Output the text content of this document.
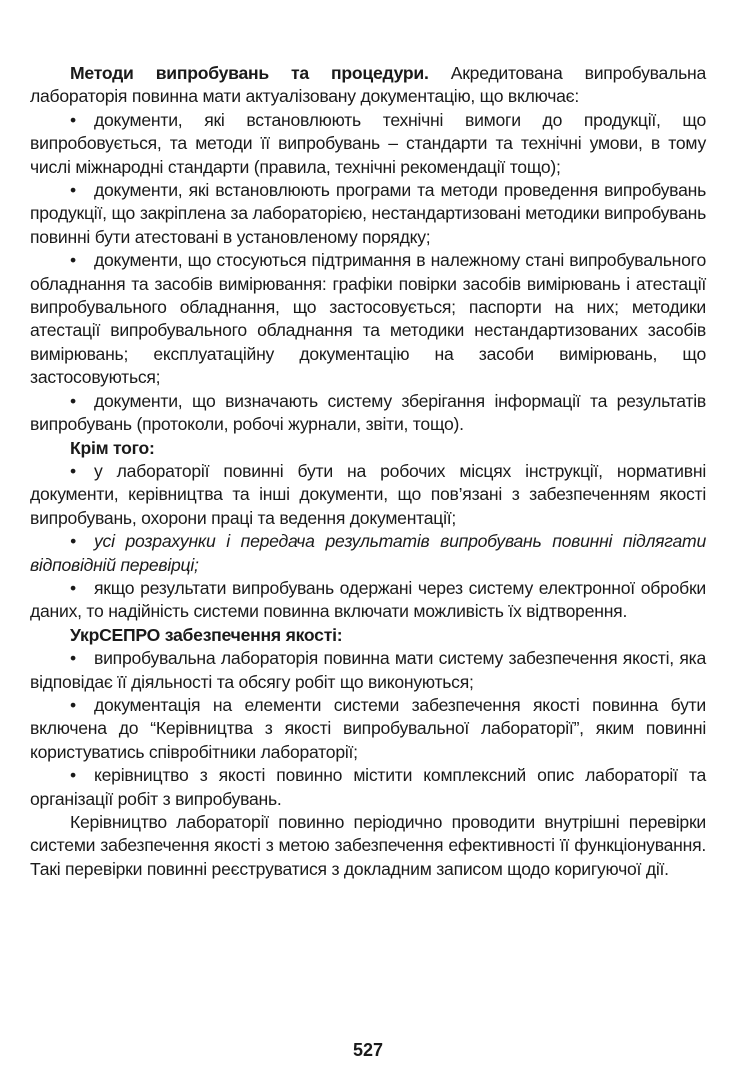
Методи випробувань та процедури. Акредитована випробувальна лабораторія повинна мати актуалізовану документацію, що включає:

• документи, які встановлюють технічні вимоги до продукції, що випробовується, та методи її випробувань – стандарти та технічні умови, в тому числі міжнародні стандарти (правила, технічні рекомендації тощо);

• документи, які встановлюють програми та методи проведення випробувань продукції, що закріплена за лабораторією, нестандартизовані методики випробувань повинні бути атестовані в установленому порядку;

• документи, що стосуються підтримання в належному стані випробувального обладнання та засобів вимірювання: графіки повірки засобів вимірювань і атестації випробувального обладнання, що застосовується; паспорти на них; методики атестації випробувального обладнання та методики нестандартизованих засобів вимірювань; експлуатаційну документацію на засоби вимірювань, що застосовуються;

• документи, що визначають систему зберігання інформації та результатів випробувань (протоколи, робочі журнали, звіти, тощо).

Крім того:

• у лабораторії повинні бути на робочих місцях інструкції, нормативні документи, керівництва та інші документи, що пов’язані з забезпеченням якості випробувань, охорони праці та ведення документації;

• усі розрахунки і передача результатів випробувань повинні підлягати відповідній перевірці;

• якщо результати випробувань одержані через систему електронної обробки даних, то надійність системи повинна включати можливість їх відтворення.

УкрСЕПРО забезпечення якості:

• випробувальна лабораторія повинна мати систему забезпечення якості, яка відповідає її діяльності та обсягу робіт що виконуються;

• документація на елементи системи забезпечення якості повинна бути включена до “Керівництва з якості випробувальної лабораторії”, яким повинні користуватись співробітники лабораторії;

• керівництво з якості повинно містити комплексний опис лабораторії та організації робіт з випробувань.

Керівництво лабораторії повинно періодично проводити внутрішні перевірки системи забезпечення якості з метою забезпечення ефективності її функціонування. Такі перевірки повинні реєструватися з докладним записом щодо коригуючої дії.

527
